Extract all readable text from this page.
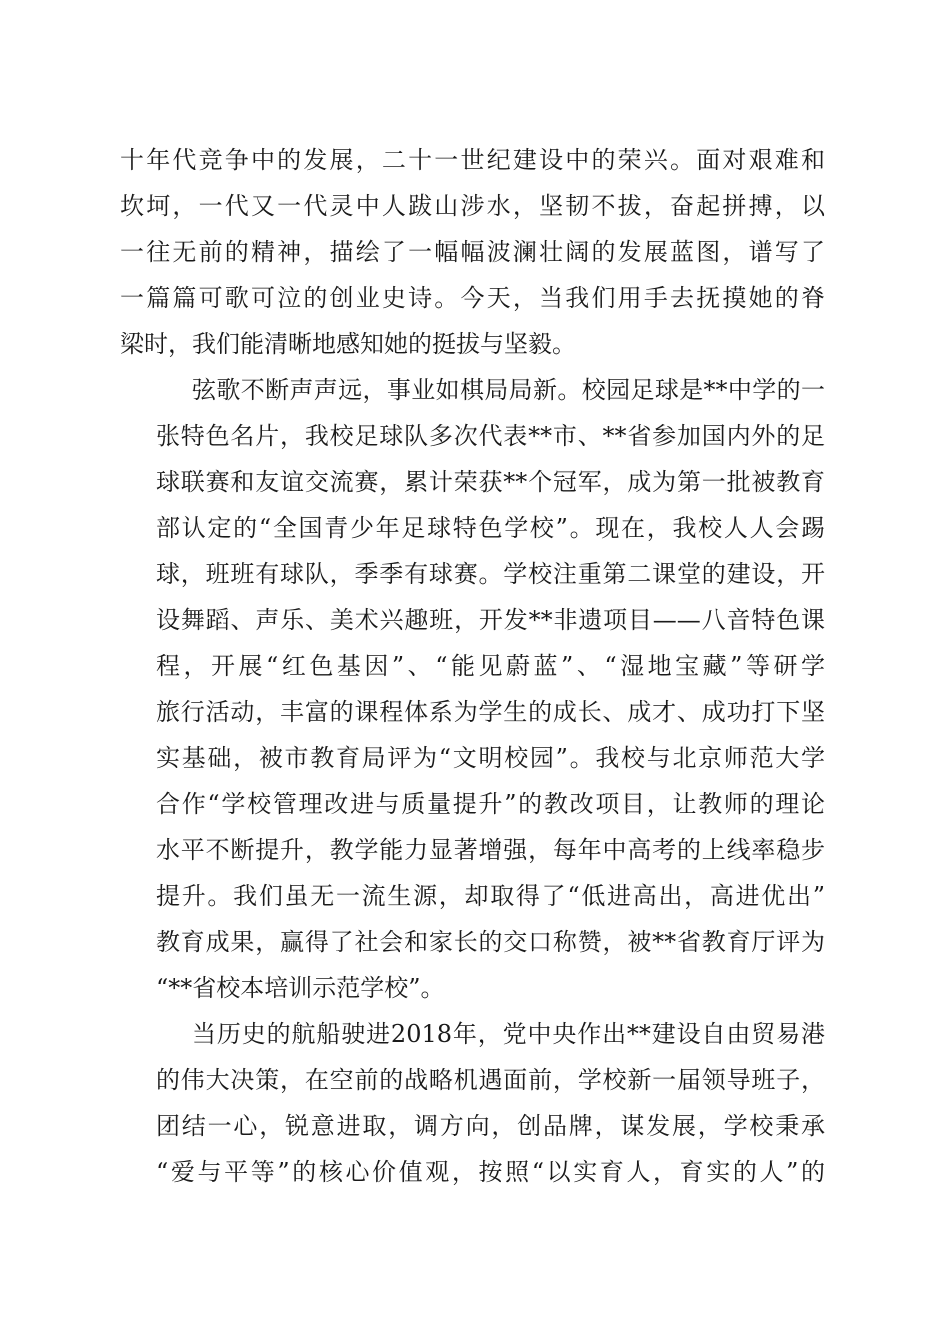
十年代竞争中的发展，二十一世纪建设中的荣兴。面对艰难和
坎坷，一代又一代灵中人跋山涉水，坚韧不拔，奋起拼搏，以
一往无前的精神，描绘了一幅幅波澜壮阔的发展蓝图，谱写了
一篇篇可歌可泣的创业史诗。今天，当我们用手去抚摸她的脊
梁时，我们能清晰地感知她的挺拔与坚毅。
弦歌不断声声远，事业如棋局局新。校园足球是**中学的一
张特色名片，我校足球队多次代表**市、**省参加国内外的足
球联赛和友谊交流赛，累计荣获**个冠军，成为第一批被教育
部认定的“全国青少年足球特色学校”。现在，我校人人会踢
球，班班有球队，季季有球赛。学校注重第二课堂的建设，开
设舞蹈、声乐、美术兴趣班，开发**非遗项目——八音特色课
程，开展“红色基因”、“能见蔚蓝”、“湿地宝藏”等研学
旅行活动，丰富的课程体系为学生的成长、成才、成功打下坚
实基础，被市教育局评为“文明校园”。我校与北京师范大学
合作“学校管理改进与质量提升”的教改项目，让教师的理论
水平不断提升，教学能力显著增强，每年中高考的上线率稳步
提升。我们虽无一流生源，却取得了“低进高出，高进优出”
教育成果，赢得了社会和家长的交口称赞，被**省教育厅评为
“**省校本培训示范学校”。
当历史的航船驶进2018年，党中央作出**建设自由贸易港
的伟大决策，在空前的战略机遇面前，学校新一届领导班子，
团结一心，锐意进取，调方向，创品牌，谋发展，学校秉承
“爱与平等”的核心价值观，按照“以实育人，育实的人”的
